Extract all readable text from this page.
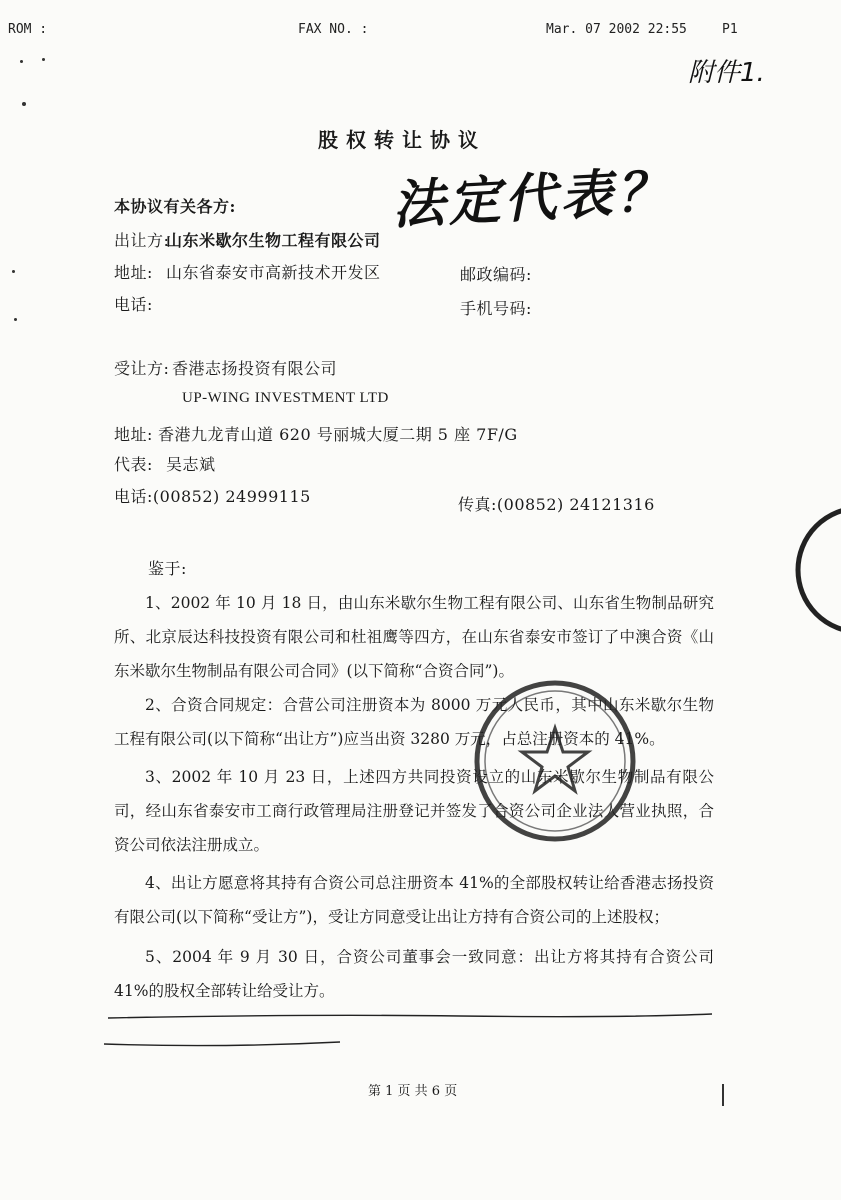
ROM :	FAX NO. :	Mar. 07 2002 22:55	P1
附件1.
股权转让协议
本协议有关各方:	法定代表？
出让方:
山东米歇尔生物工程有限公司
地址: 山东省泰安市高新技术开发区	邮政编码:
电话:	手机号码:
受让方: 香港志扬投资有限公司
UP-WING INVESTMENT LTD
地址: 香港九龙青山道 620 号丽城大厦二期 5 座 7F/G
代表: 吴志斌
电话:(00852) 24999115	传真:(00852) 24121316
鉴于:

1、2002 年 10 月 18 日，由山东米歇尔生物工程有限公司、山东省生物制品研究所、北京辰达科技投资有限公司和杜祖鹰等四方，在山东省泰安市签订了中澳合资《山东米歇尔生物制品有限公司合同》(以下简称“合资合同”)。

2、合资合同规定：合营公司注册资本为 8000 万元人民币，其中山东米歇尔生物工程有限公司(以下简称“出让方”)应当出资 3280 万元，占总注册资本的 41%。

3、2002 年 10 月 23 日，上述四方共同投资设立的山东米歇尔生物制品有限公司，经山东省泰安市工商行政管理局注册登记并签发了合资公司企业法人营业执照，合资公司依法注册成立。

4、出让方愿意将其持有合资公司总注册资本 41%的全部股权转让给香港志扬投资有限公司(以下简称“受让方”)，受让方同意受让出让方持有合资公司的上述股权；

5、2004 年 9 月 30 日，合资公司董事会一致同意：出让方将其持有合资公司 41%的股权全部转让给受让方。

第 1 页 共 6 页
